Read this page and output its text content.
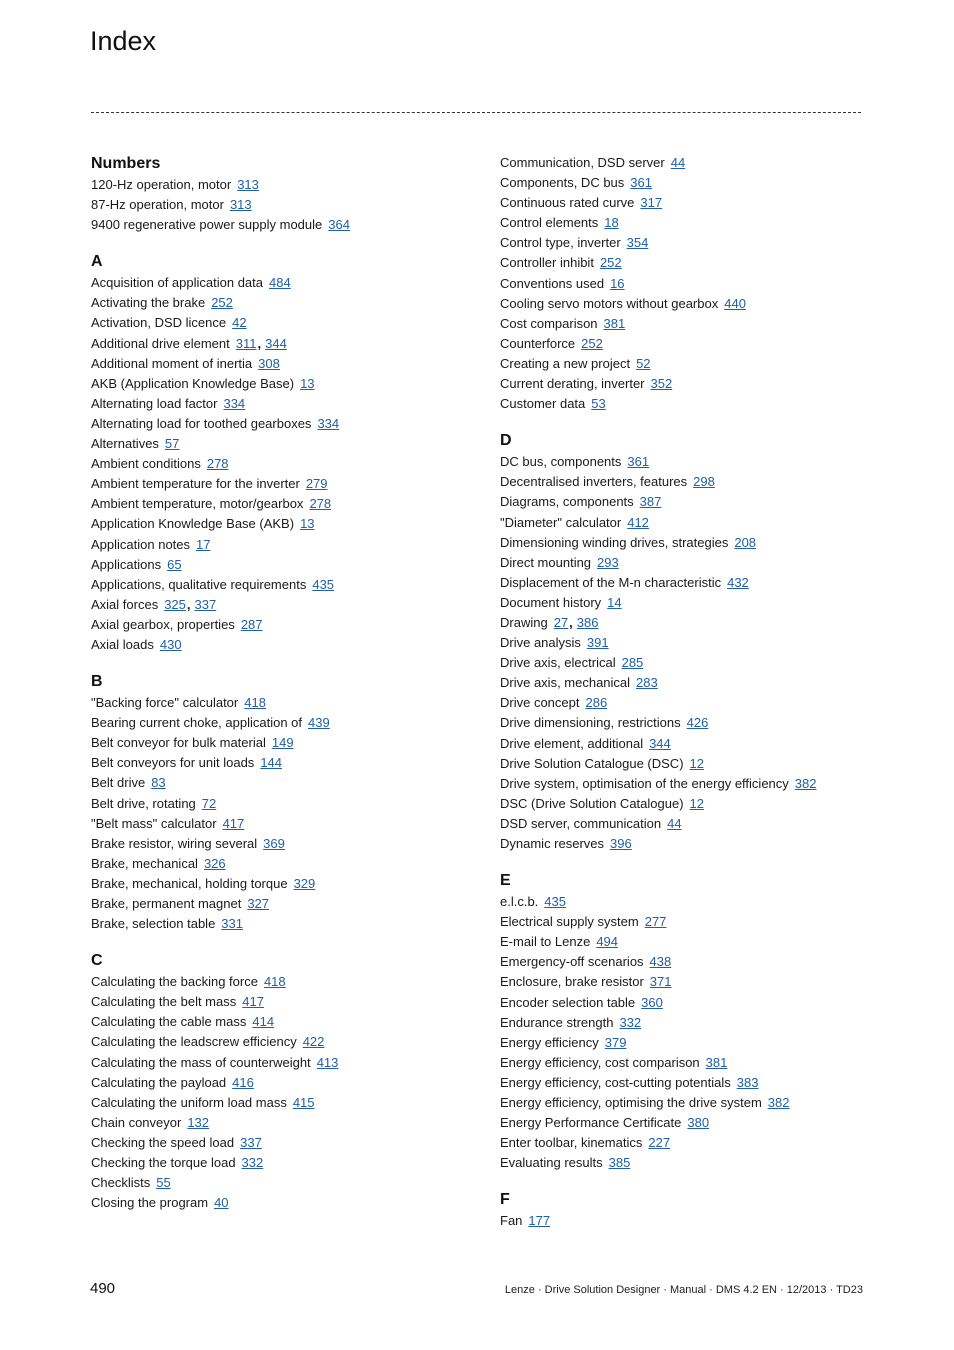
Index
Numbers
120-Hz operation, motor 313
87-Hz operation, motor 313
9400 regenerative power supply module 364
A
Acquisition of application data 484
Activating the brake 252
Activation, DSD licence 42
Additional drive element 311, 344
Additional moment of inertia 308
AKB (Application Knowledge Base) 13
Alternating load factor 334
Alternating load for toothed gearboxes 334
Alternatives 57
Ambient conditions 278
Ambient temperature for the inverter 279
Ambient temperature, motor/gearbox 278
Application Knowledge Base (AKB) 13
Application notes 17
Applications 65
Applications, qualitative requirements 435
Axial forces 325, 337
Axial gearbox, properties 287
Axial loads 430
B
"Backing force" calculator 418
Bearing current choke, application of 439
Belt conveyor for bulk material 149
Belt conveyors for unit loads 144
Belt drive 83
Belt drive, rotating 72
"Belt mass" calculator 417
Brake resistor, wiring several 369
Brake, mechanical 326
Brake, mechanical, holding torque 329
Brake, permanent magnet 327
Brake, selection table 331
C
Calculating the backing force 418
Calculating the belt mass 417
Calculating the cable mass 414
Calculating the leadscrew efficiency 422
Calculating the mass of counterweight 413
Calculating the payload 416
Calculating the uniform load mass 415
Chain conveyor 132
Checking the speed load 337
Checking the torque load 332
Checklists 55
Closing the program 40
Communication, DSD server 44
Components, DC bus 361
Continuous rated curve 317
Control elements 18
Control type, inverter 354
Controller inhibit 252
Conventions used 16
Cooling servo motors without gearbox 440
Cost comparison 381
Counterforce 252
Creating a new project 52
Current derating, inverter 352
Customer data 53
D
DC bus, components 361
Decentralised inverters, features 298
Diagrams, components 387
"Diameter" calculator 412
Dimensioning winding drives, strategies 208
Direct mounting 293
Displacement of the M-n characteristic 432
Document history 14
Drawing 27, 386
Drive analysis 391
Drive axis, electrical 285
Drive axis, mechanical 283
Drive concept 286
Drive dimensioning, restrictions 426
Drive element, additional 344
Drive Solution Catalogue (DSC) 12
Drive system, optimisation of the energy efficiency 382
DSC (Drive Solution Catalogue) 12
DSD server, communication 44
Dynamic reserves 396
E
e.l.c.b. 435
Electrical supply system 277
E-mail to Lenze 494
Emergency-off scenarios 438
Enclosure, brake resistor 371
Encoder selection table 360
Endurance strength 332
Energy efficiency 379
Energy efficiency, cost comparison 381
Energy efficiency, cost-cutting potentials 383
Energy efficiency, optimising the drive system 382
Energy Performance Certificate 380
Enter toolbar, kinematics 227
Evaluating results 385
F
Fan 177
490	Lenze · Drive Solution Designer · Manual · DMS 4.2 EN · 12/2013 · TD23
